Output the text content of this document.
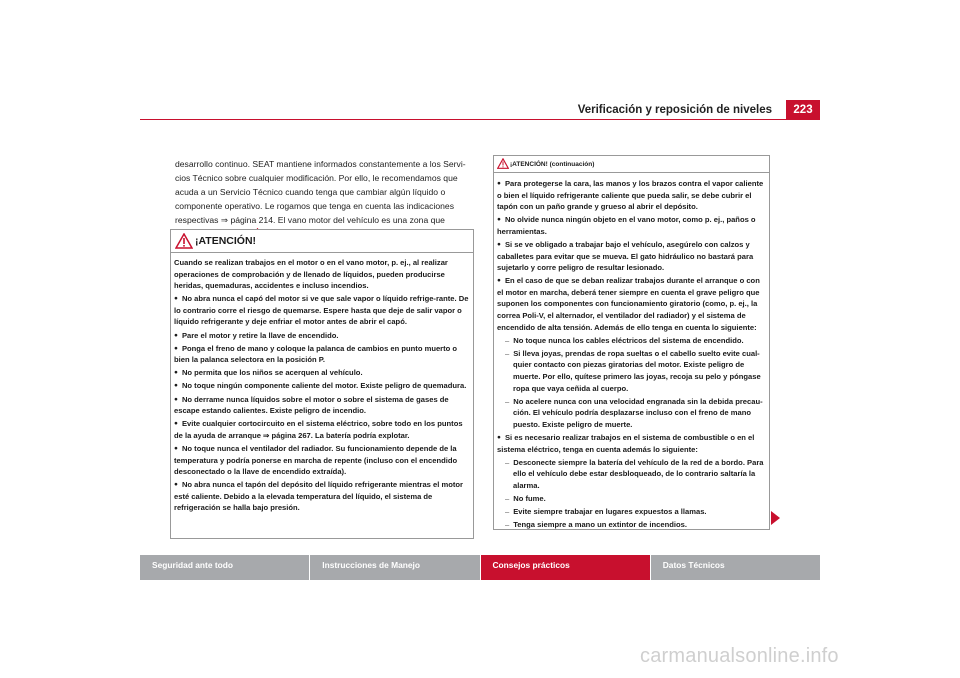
Verificación y reposición de niveles	223
desarrollo continuo. SEAT mantiene informados constantemente a los Servi-
cios Técnico sobre cualquier modificación. Por ello, le recomendamos que
acuda a un Servicio Técnico cuando tenga que cambiar algún líquido o
componente operativo. Le rogamos que tenga en cuenta las indicaciones
respectivas ⇒ página 214. El vano motor del vehículo es una zona que
¡ATENCIÓN!
Cuando se realizan trabajos en el motor o en el vano motor, p. ej., al realizar operaciones de comprobación y de llenado de líquidos, pueden producirse heridas, quemaduras, accidentes e incluso incendios.
● No abra nunca el capó del motor si ve que sale vapor o líquido refrige-rante. De lo contrario corre el riesgo de quemarse. Espere hasta que deje de salir vapor o líquido refrigerante y deje enfriar el motor antes de abrir el capó.
● Pare el motor y retire la llave de encendido.
● Ponga el freno de mano y coloque la palanca de cambios en punto muerto o bien la palanca selectora en la posición P.
● No permita que los niños se acerquen al vehículo.
● No toque ningún componente caliente del motor. Existe peligro de quemadura.
● No derrame nunca líquidos sobre el motor o sobre el sistema de gases de escape estando calientes. Existe peligro de incendio.
● Evite cualquier cortocircuito en el sistema eléctrico, sobre todo en los puntos de la ayuda de arranque ⇒ página 267. La batería podría explotar.
● No toque nunca el ventilador del radiador. Su funcionamiento depende de la temperatura y podría ponerse en marcha de repente (incluso con el encendido desconectado o la llave de encendido extraída).
● No abra nunca el tapón del depósito del líquido refrigerante mientras el motor esté caliente. Debido a la elevada temperatura del líquido, el sistema de refrigeración se halla bajo presión.
¡ATENCIÓN! (continuación)
● Para protegerse la cara, las manos y los brazos contra el vapor caliente o bien el líquido refrigerante caliente que pueda salir, se debe cubrir el tapón con un paño grande y grueso al abrir el depósito.
● No olvide nunca ningún objeto en el vano motor, como p. ej., paños o herramientas.
● Si se ve obligado a trabajar bajo el vehículo, asegúrelo con calzos y caballetes para evitar que se mueva. El gato hidráulico no bastará para sujetarlo y corre peligro de resultar lesionado.
● En el caso de que se deban realizar trabajos durante el arranque o con el motor en marcha, deberá tener siempre en cuenta el grave peligro que suponen los componentes con funcionamiento giratorio (como, p. ej., la correa Poli-V, el alternador, el ventilador del radiador) y el sistema de encendido de alta tensión. Además de ello tenga en cuenta lo siguiente:
– No toque nunca los cables eléctricos del sistema de encendido.
– Si lleva joyas, prendas de ropa sueltas o el cabello suelto evite cual-quier contacto con piezas giratorias del motor. Existe peligro de muerte. Por ello, quítese primero las joyas, recoja su pelo y póngase ropa que vaya ceñida al cuerpo.
– No acelere nunca con una velocidad engranada sin la debida precau-ción. El vehículo podría desplazarse incluso con el freno de mano puesto. Existe peligro de muerte.
● Si es necesario realizar trabajos en el sistema de combustible o en el sistema eléctrico, tenga en cuenta además lo siguiente:
– Desconecte siempre la batería del vehículo de la red de a bordo. Para ello el vehículo debe estar desbloqueado, de lo contrario saltaría la alarma.
– No fume.
– Evite siempre trabajar en lugares expuestos a llamas.
– Tenga siempre a mano un extintor de incendios.
Seguridad ante todo	Instrucciones de Manejo	Consejos prácticos	Datos Técnicos
carmanualsonline.info
